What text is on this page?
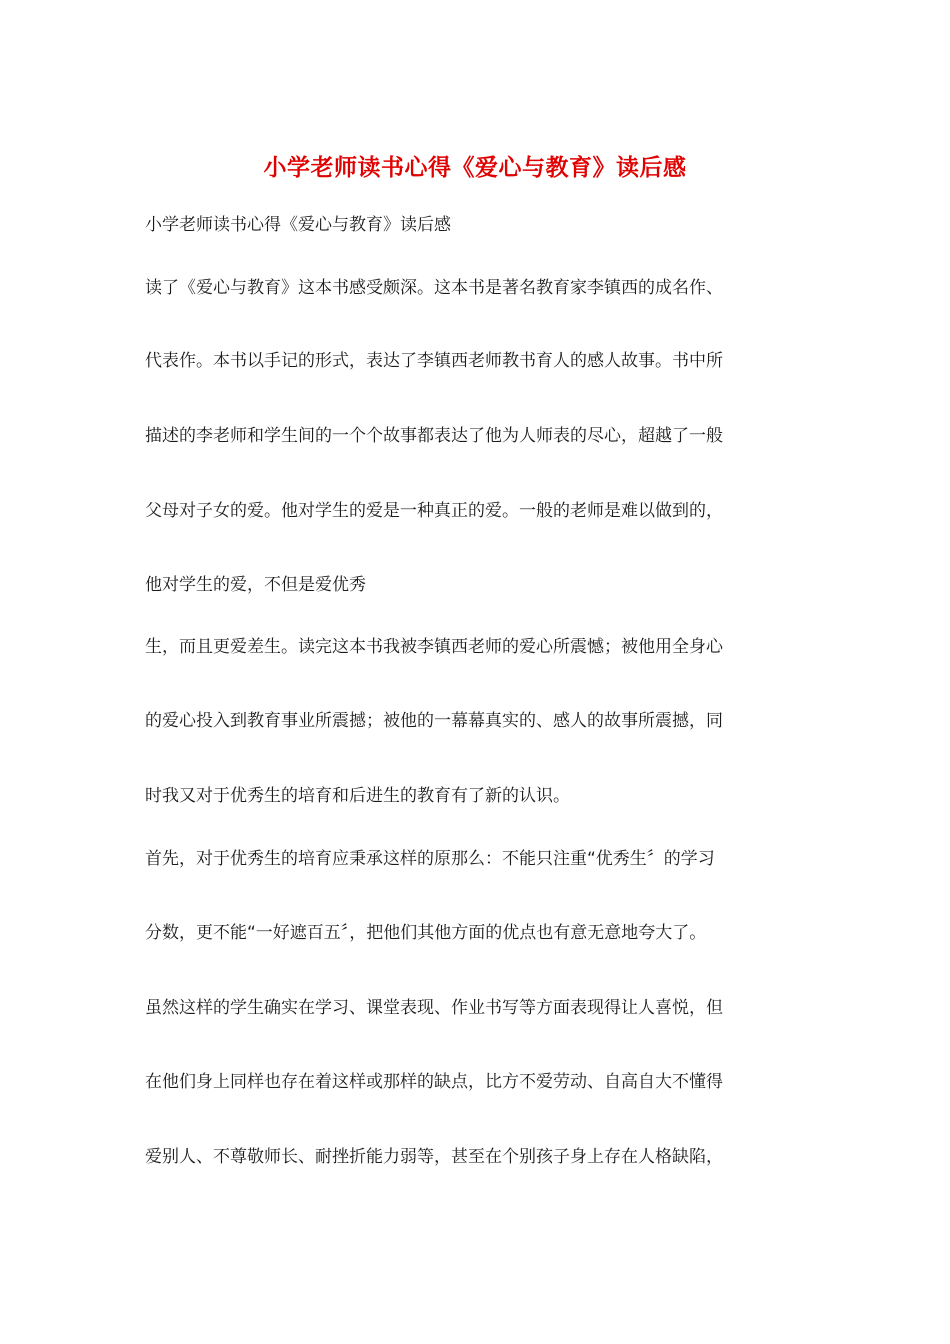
小学老师读书心得《爱心与教育》读后感
小学老师读书心得《爱心与教育》读后感
读了《爱心与教育》这本书感受颇深。这本书是著名教育家李镇西的成名作、
代表作。本书以手记的形式，表达了李镇西老师教书育人的感人故事。书中所
描述的李老师和学生间的一个个故事都表达了他为人师表的尽心，超越了一般
父母对子女的爱。他对学生的爱是一种真正的爱。一般的老师是难以做到的，
他对学生的爱，不但是爱优秀
生，而且更爱差生。读完这本书我被李镇西老师的爱心所震憾；被他用全身心
的爱心投入到教育事业所震撼；被他的一幕幕真实的、感人的故事所震撼，同
时我又对于优秀生的培育和后进生的教育有了新的认识。
首先，对于优秀生的培育应秉承这样的原那么：不能只注重“优秀生〞的学习
分数，更不能“一好遮百五〞，把他们其他方面的优点也有意无意地夸大了。
虽然这样的学生确实在学习、课堂表现、作业书写等方面表现得让人喜悦，但
在他们身上同样也存在着这样或那样的缺点，比方不爱劳动、自高自大不懂得
爱别人、不尊敬师长、耐挫折能力弱等，甚至在个别孩子身上存在人格缺陷，
